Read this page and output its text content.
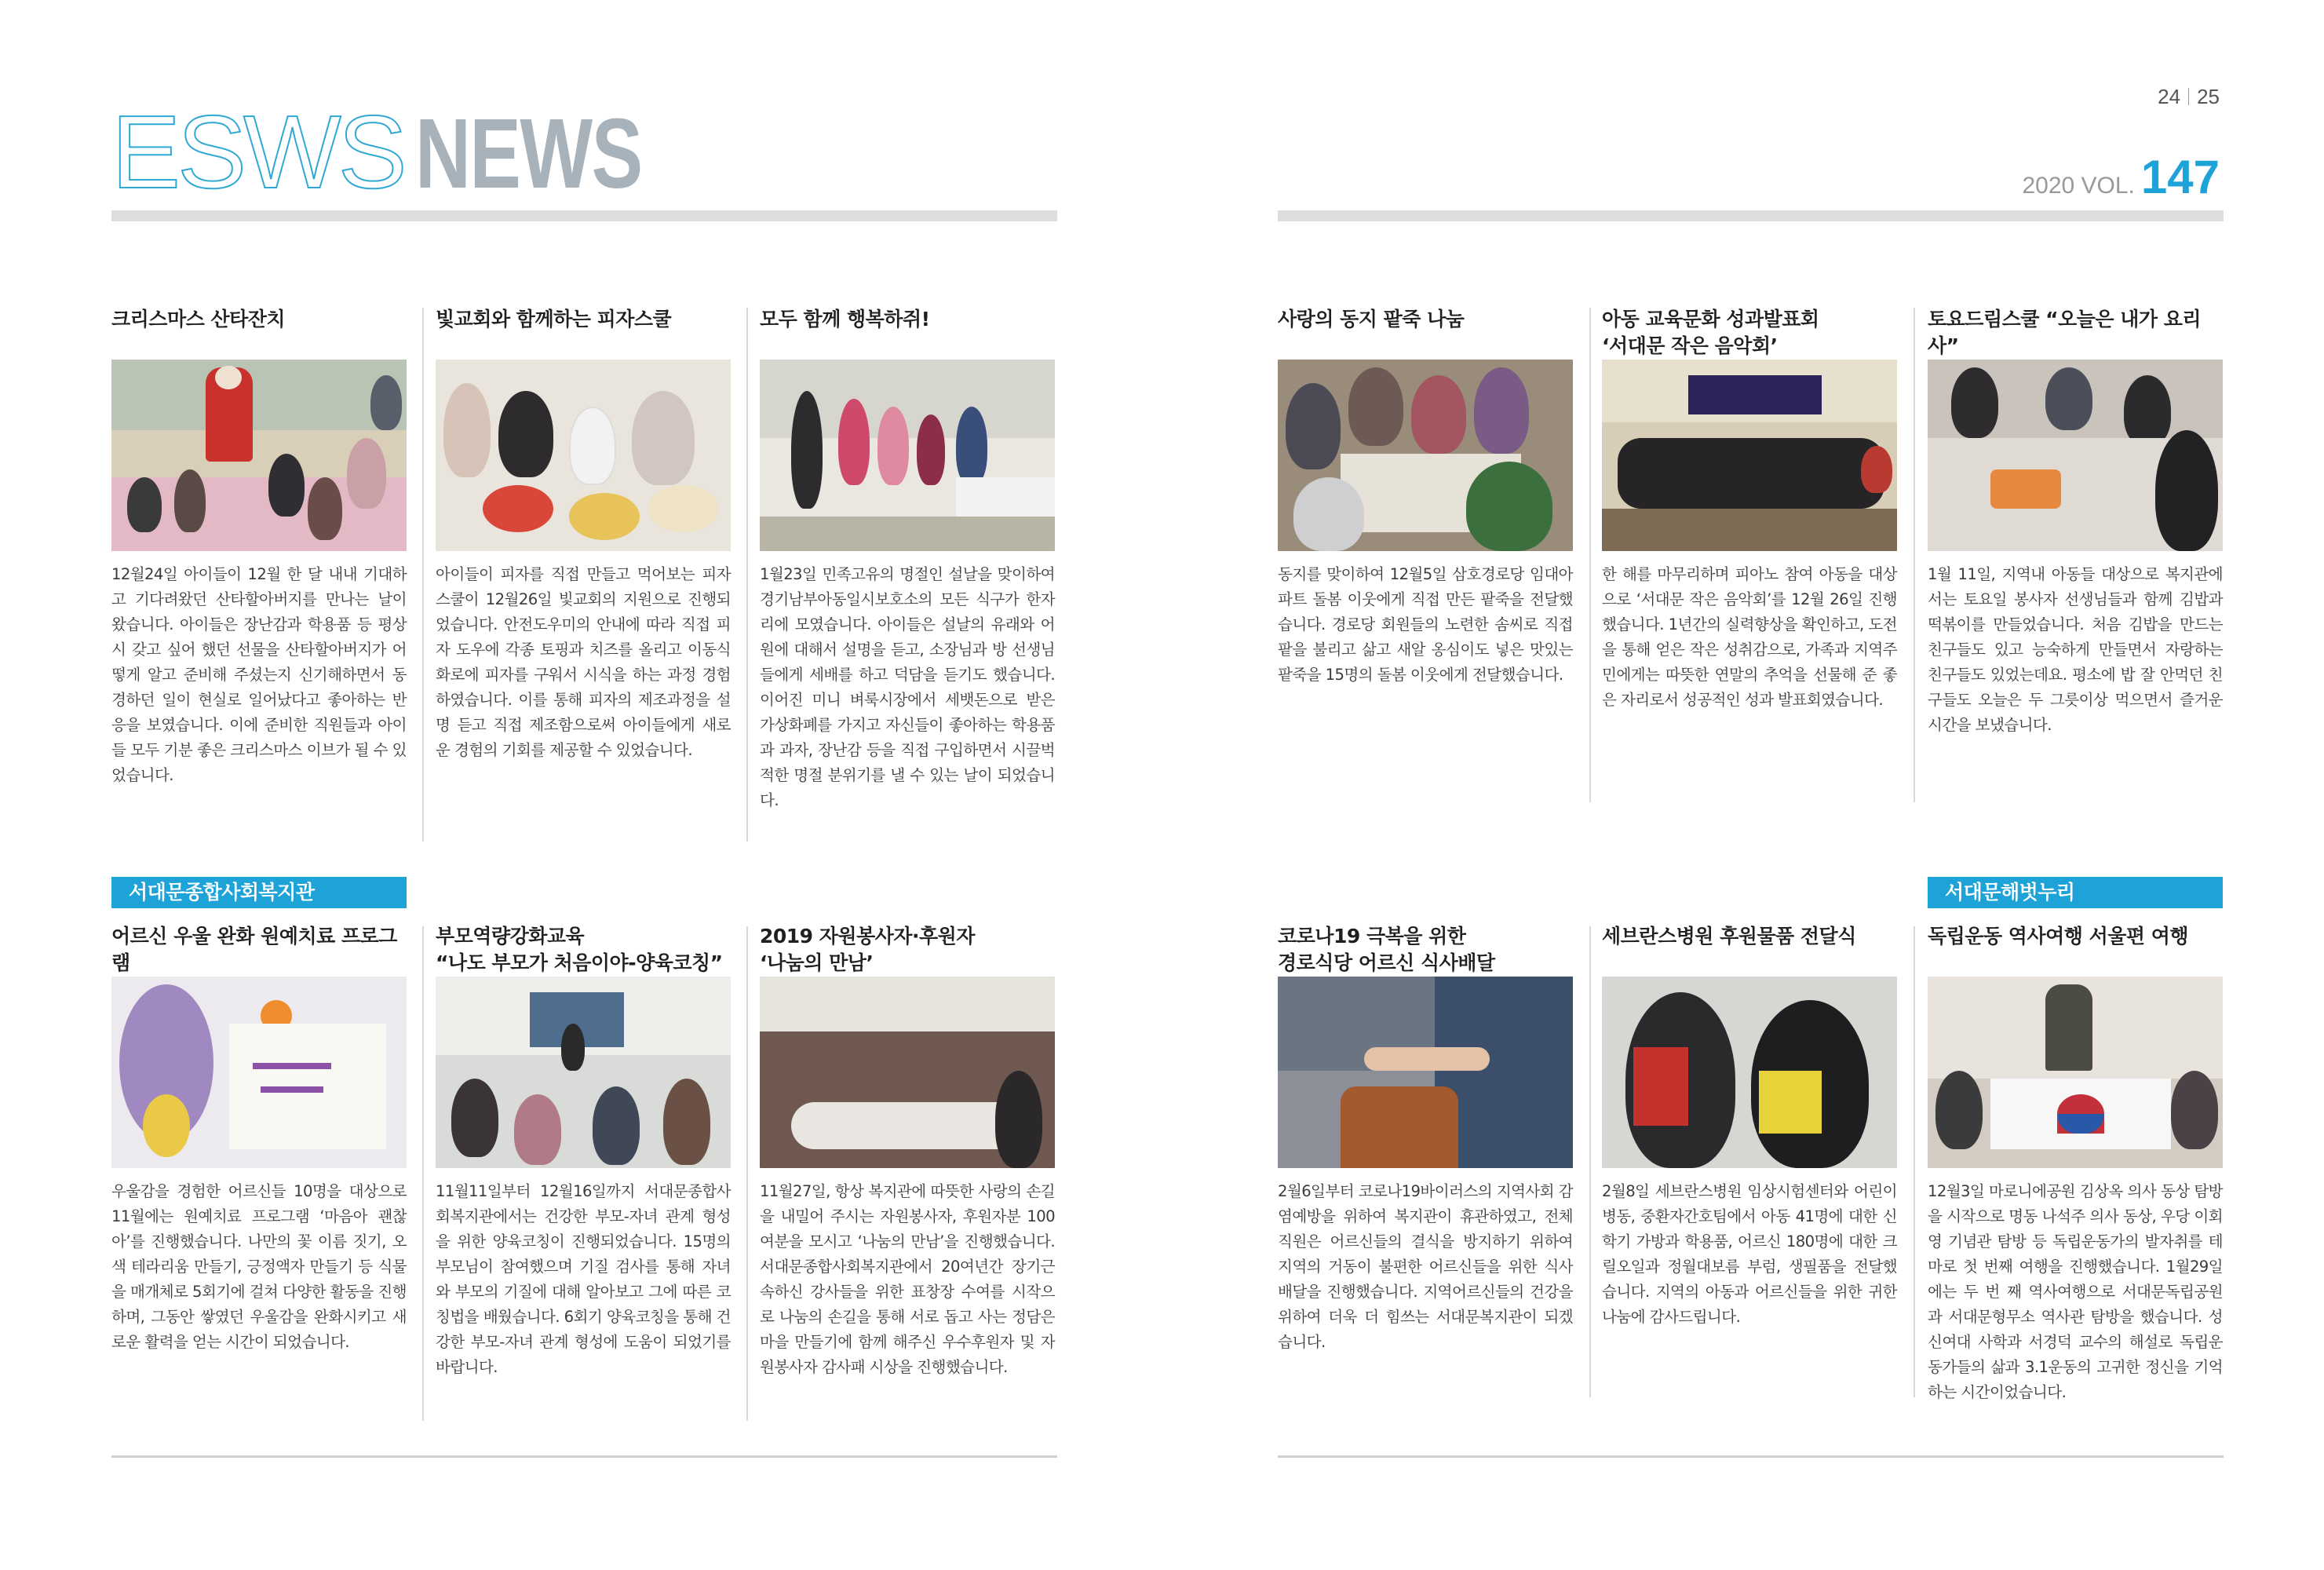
ESWS NEWS
24 25
2020 VOL. 147
서대문종합사회복지관	서대문해벗누리
크리스마스 산타잔치
12월24일 아이들이 12월 한 달 내내 기대하고 기다려왔던 산타할아버지를 만나는 날이 왔습니다. 아이들은 장난감과 학용품 등 평상시 갖고 싶어 했던 선물을 산타할아버지가 어떻게 알고 준비해 주셨는지 신기해하면서 동경하던 일이 현실로 일어났다고 좋아하는 반응을 보였습니다. 이에 준비한 직원들과 아이들 모두 기분 좋은 크리스마스 이브가 될 수 있었습니다.
빛교회와 함께하는 피자스쿨
아이들이 피자를 직접 만들고 먹어보는 피자스쿨이 12월26일 빛교회의 지원으로 진행되었습니다. 안전도우미의 안내에 따라 직접 피자 도우에 각종 토핑과 치즈를 올리고 이동식 화로에 피자를 구워서 시식을 하는 과정 경험하였습니다. 이를 통해 피자의 제조과정을 설명 듣고 직접 제조함으로써 아이들에게 새로운 경험의 기회를 제공할 수 있었습니다.
모두 함께 행복하쥐!
1월23일 민족고유의 명절인 설날을 맞이하여 경기남부아동일시보호소의 모든 식구가 한자리에 모였습니다. 아이들은 설날의 유래와 어원에 대해서 설명을 듣고, 소장님과 방 선생님들에게 세배를 하고 덕담을 듣기도 했습니다. 이어진 미니 벼룩시장에서 세뱃돈으로 받은 가상화폐를 가지고 자신들이 좋아하는 학용품과 과자, 장난감 등을 직접 구입하면서 시끌벅적한 명절 분위기를 낼 수 있는 날이 되었습니다.
사랑의 동지 팥죽 나눔
동지를 맞이하여 12월5일 삼호경로당 임대아파트 돌봄 이웃에게 직접 만든 팥죽을 전달했습니다. 경로당 회원들의 노련한 솜씨로 직접 팥을 불리고 삶고 새알 옹심이도 넣은 맛있는 팥죽을 15명의 돌봄 이웃에게 전달했습니다.
아동 교육문화 성과발표회
‘서대문 작은 음악회’
한 해를 마무리하며 피아노 참여 아동을 대상으로 ‘서대문 작은 음악회’를 12월 26일 진행했습니다. 1년간의 실력향상을 확인하고, 도전을 통해 얻은 작은 성취감으로, 가족과 지역주민에게는 따뜻한 연말의 추억을 선물해 준 좋은 자리로서 성공적인 성과 발표회였습니다.
토요드림스쿨 “오늘은 내가 요리사”
1월 11일, 지역내 아동들 대상으로 복지관에서는 토요일 봉사자 선생님들과 함께 김밥과 떡볶이를 만들었습니다. 처음 김밥을 만드는 친구들도 있고 능숙하게 만들면서 자랑하는 친구들도 있었는데요. 평소에 밥 잘 안먹던 친구들도 오늘은 두 그릇이상 먹으면서 즐거운 시간을 보냈습니다.
어르신 우울 완화 원예치료 프로그램

우울감을 경험한 어르신들 10명을 대상으로 11월에는 원예치료 프로그램 ‘마음아 괜찮아’를 진행했습니다. 나만의 꽃 이름 짓기, 오색 테라리움 만들기, 긍정액자 만들기 등 식물을 매개체로 5회기에 걸쳐 다양한 활동을 진행하며, 그동안 쌓였던 우울감을 완화시키고 새로운 활력을 얻는 시간이 되었습니다.
부모역량강화교육
“나도 부모가 처음이야-양육코칭”
11월11일부터 12월16일까지 서대문종합사회복지관에서는 건강한 부모-자녀 관계 형성을 위한 양육코칭이 진행되었습니다. 15명의 부모님이 참여했으며 기질 검사를 통해 자녀와 부모의 기질에 대해 알아보고 그에 따른 코칭법을 배웠습니다. 6회기 양육코칭을 통해 건강한 부모-자녀 관계 형성에 도움이 되었기를 바랍니다.
2019 자원봉사자·후원자
‘나눔의 만남’
11월27일, 항상 복지관에 따뜻한 사랑의 손길을 내밀어 주시는 자원봉사자, 후원자분 100여분을 모시고 ‘나눔의 만남’을 진행했습니다. 서대문종합사회복지관에서 20여년간 장기근속하신 강사들을 위한 표창장 수여를 시작으로 나눔의 손길을 통해 서로 돕고 사는 정담은 마을 만들기에 함께 해주신 우수후원자 및 자원봉사자 감사패 시상을 진행했습니다.
코로나19 극복을 위한
경로식당 어르신 식사배달
2월6일부터 코로나19바이러스의 지역사회 감염예방을 위하여 복지관이 휴관하였고, 전체 직원은 어르신들의 결식을 방지하기 위하여 지역의 거동이 불편한 어르신들을 위한 식사배달을 진행했습니다. 지역어르신들의 건강을 위하여 더욱 더 힘쓰는 서대문복지관이 되겠습니다.
세브란스병원 후원물품 전달식
2월8일 세브란스병원 임상시험센터와 어린이병동, 중환자간호팀에서 아동 41명에 대한 신학기 가방과 학용품, 어르신 180명에 대한 크릴오일과 정월대보름 부럼, 생필품을 전달했습니다. 지역의 아동과 어르신들을 위한 귀한 나눔에 감사드립니다.
독립운동 역사여행 서울편 여행
12월3일 마로니에공원 김상옥 의사 동상 탐방을 시작으로 명동 나석주 의사 동상, 우당 이회영 기념관 탐방 등 독립운동가의 발자취를 테마로 첫 번째 여행을 진행했습니다. 1월29일에는 두 번 째 역사여행으로 서대문독립공원과 서대문형무소 역사관 탐방을 했습니다. 성신여대 사학과 서경덕 교수의 해설로 독립운동가들의 삶과 3.1운동의 고귀한 정신을 기억하는 시간이었습니다.
